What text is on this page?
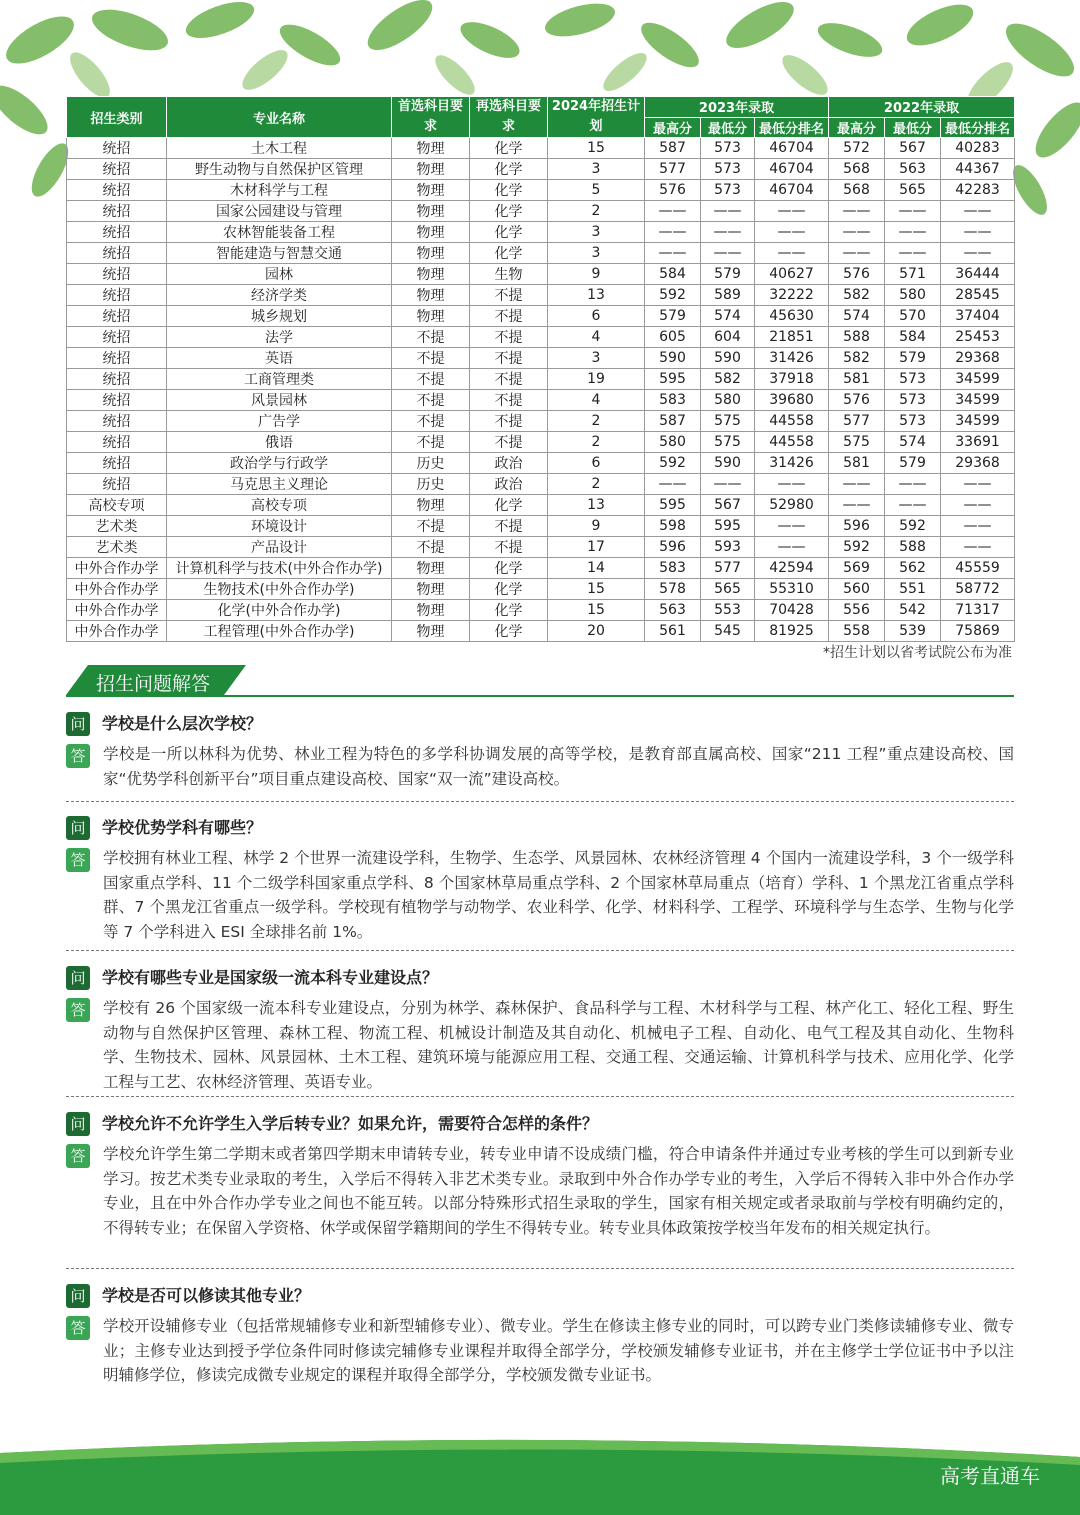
招生类别	专业名称	首选科目要求	再选科目要求	2024年招生计划	2023年录取			2022年录取		
					最高分	最低分	最低分排名	最高分	最低分	最低分排名
统招	土木工程	物理	化学	15	587	573	46704	572	567	40283
统招	野生动物与自然保护区管理	物理	化学	3	577	573	46704	568	563	44367
统招	木材科学与工程	物理	化学	5	576	573	46704	568	565	42283
统招	国家公园建设与管理	物理	化学	2	——	——	——	——	——	——
统招	农林智能装备工程	物理	化学	3	——	——	——	——	——	——
统招	智能建造与智慧交通	物理	化学	3	——	——	——	——	——	——
统招	园林	物理	生物	9	584	579	40627	576	571	36444
统招	经济学类	物理	不提	13	592	589	32222	582	580	28545
统招	城乡规划	物理	不提	6	579	574	45630	574	570	37404
统招	法学	不提	不提	4	605	604	21851	588	584	25453
统招	英语	不提	不提	3	590	590	31426	582	579	29368
统招	工商管理类	不提	不提	19	595	582	37918	581	573	34599
统招	风景园林	不提	不提	4	583	580	39680	576	573	34599
统招	广告学	不提	不提	2	587	575	44558	577	573	34599
统招	俄语	不提	不提	2	580	575	44558	575	574	33691
统招	政治学与行政学	历史	政治	6	592	590	31426	581	579	29368
统招	马克思主义理论	历史	政治	2	——	——	——	——	——	——
高校专项	高校专项	物理	化学	13	595	567	52980	——	——	——
艺术类	环境设计	不提	不提	9	598	595	——	596	592	——
艺术类	产品设计	不提	不提	17	596	593	——	592	588	——
中外合作办学	计算机科学与技术(中外合作办学)	物理	化学	14	583	577	42594	569	562	45559
中外合作办学	生物技术(中外合作办学)	物理	化学	15	578	565	55310	560	551	58772
中外合作办学	化学(中外合作办学)	物理	化学	15	563	553	70428	556	542	71317
中外合作办学	工程管理(中外合作办学)	物理	化学	20	561	545	81925	558	539	75869
*招生计划以省考试院公布为准
招生问题解答
问 学校是什么层次学校？
答 学校是一所以林科为优势、林业工程为特色的多学科协调发展的高等学校，是教育部直属高校、国家“211 工程”重点建设高校、国家“优势学科创新平台”项目重点建设高校、国家“双一流”建设高校。
问 学校优势学科有哪些？
答 学校拥有林业工程、林学 2 个世界一流建设学科，生物学、生态学、风景园林、农林经济管理 4 个国内一流建设学科，3 个一级学科国家重点学科、11 个二级学科国家重点学科、8 个国家林草局重点学科、2 个国家林草局重点（培育）学科、1 个黑龙江省重点学科群、7 个黑龙江省重点一级学科。学校现有植物学与动物学、农业科学、化学、材料科学、工程学、环境科学与生态学、生物与化学等 7 个学科进入 ESI 全球排名前 1%。
问 学校有哪些专业是国家级一流本科专业建设点？
答 学校有 26 个国家级一流本科专业建设点，分别为林学、森林保护、食品科学与工程、木材科学与工程、林产化工、轻化工程、野生动物与自然保护区管理、森林工程、物流工程、机械设计制造及其自动化、机械电子工程、自动化、电气工程及其自动化、生物科学、生物技术、园林、风景园林、土木工程、建筑环境与能源应用工程、交通工程、交通运输、计算机科学与技术、应用化学、化学工程与工艺、农林经济管理、英语专业。
问 学校允许不允许学生入学后转专业？如果允许，需要符合怎样的条件？
答 学校允许学生第二学期末或者第四学期末申请转专业，转专业申请不设成绩门槛，符合申请条件并通过专业考核的学生可以到新专业学习。按艺术类专业录取的考生，入学后不得转入非艺术类专业。录取到中外合作办学专业的考生，入学后不得转入非中外合作办学专业，且在中外合作办学专业之间也不能互转。以部分特殊形式招生录取的学生，国家有相关规定或者录取前与学校有明确约定的，不得转专业；在保留入学资格、休学或保留学籍期间的学生不得转专业。转专业具体政策按学校当年发布的相关规定执行。
问 学校是否可以修读其他专业？
答 学校开设辅修专业（包括常规辅修专业和新型辅修专业）、微专业。学生在修读主修专业的同时，可以跨专业门类修读辅修专业、微专业；主修专业达到授予学位条件同时修读完辅修专业课程并取得全部学分，学校颁发辅修专业证书，并在主修学士学位证书中予以注明辅修学位，修读完成微专业规定的课程并取得全部学分，学校颁发微专业证书。
高考直通车
